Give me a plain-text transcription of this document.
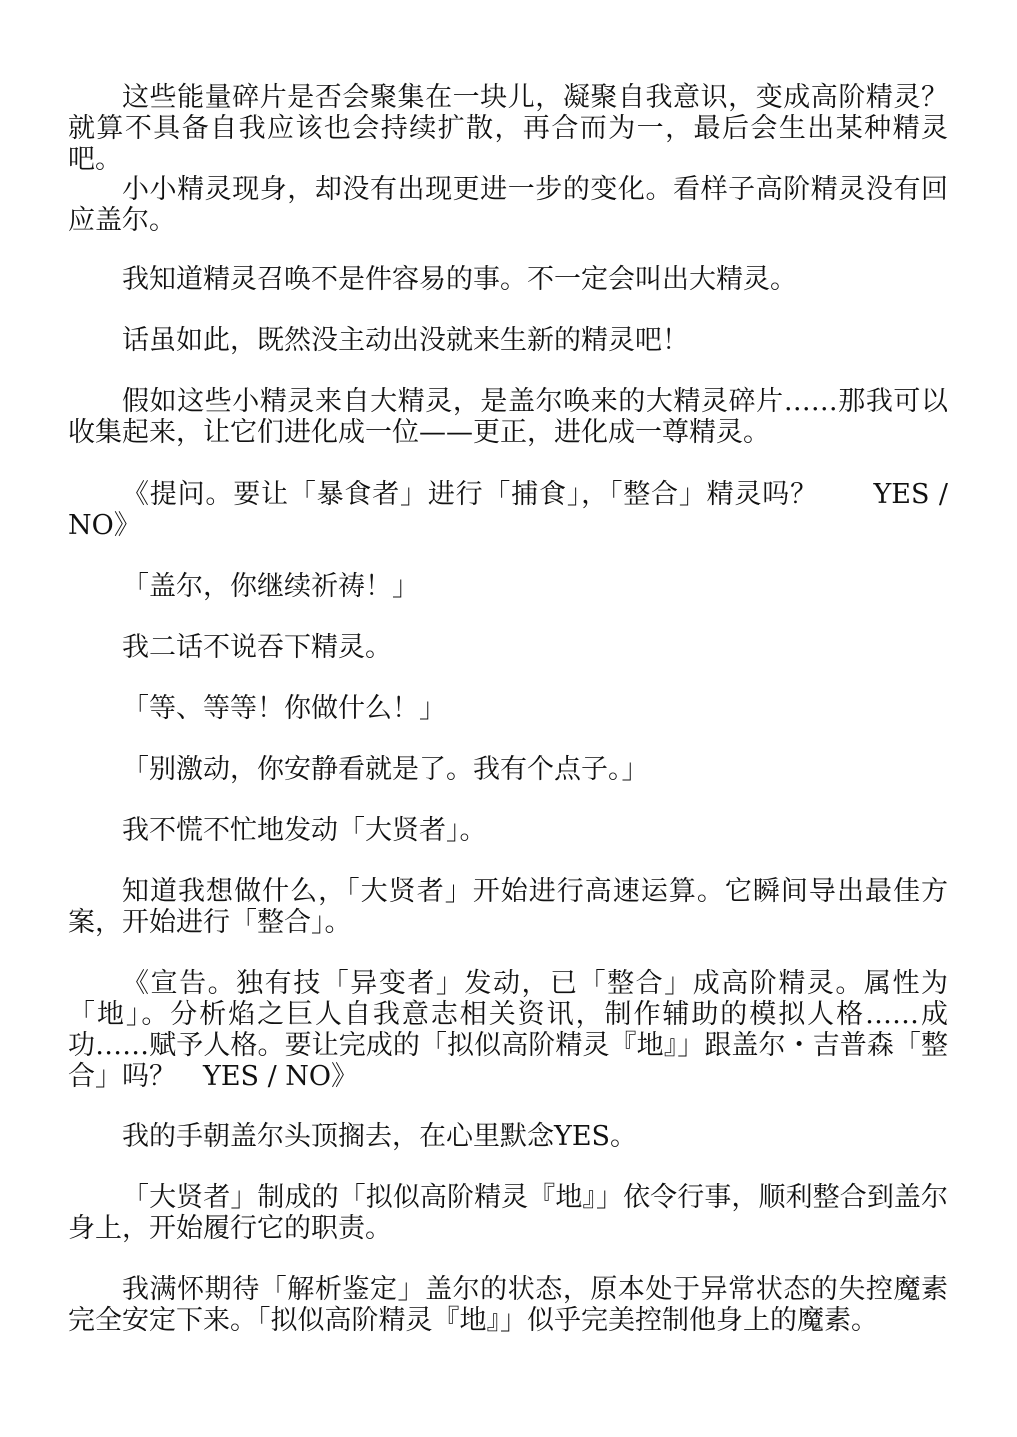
这些能量碎片是否会聚集在一块儿，凝聚自我意识，变成高阶精灵？就算不具备自我应该也会持续扩散，再合而为一，最后会生出某种精灵吧。

小小精灵现身，却没有出现更进一步的变化。看样子高阶精灵没有回应盖尔。

我知道精灵召唤不是件容易的事。不一定会叫出大精灵。

话虽如此，既然没主动出没就来生新的精灵吧！

假如这些小精灵来自大精灵，是盖尔唤来的大精灵碎片……那我可以收集起来，让它们进化成一位——更正，进化成一尊精灵。

《提问。要让「暴食者」进行「捕食」，「整合」精灵吗？　　YES / NO》

「盖尔，你继续祈祷！」

我二话不说吞下精灵。

「等、等等！你做什么！」

「别激动，你安静看就是了。我有个点子。」

我不慌不忙地发动「大贤者」。

知道我想做什么，「大贤者」开始进行高速运算。它瞬间导出最佳方案，开始进行「整合」。

《宣告。独有技「异变者」发动，已「整合」成高阶精灵。属性为「地」。分析焰之巨人自我意志相关资讯，制作辅助的模拟人格……成功……赋予人格。要让完成的「拟似高阶精灵『地』」跟盖尔・吉普森「整合」吗？　YES / NO》

我的手朝盖尔头顶搁去，在心里默念YES。

「大贤者」制成的「拟似高阶精灵『地』」依令行事，顺利整合到盖尔身上，开始履行它的职责。

我满怀期待「解析鉴定」盖尔的状态，原本处于异常状态的失控魔素完全安定下来。「拟似高阶精灵『地』」似乎完美控制他身上的魔素。
